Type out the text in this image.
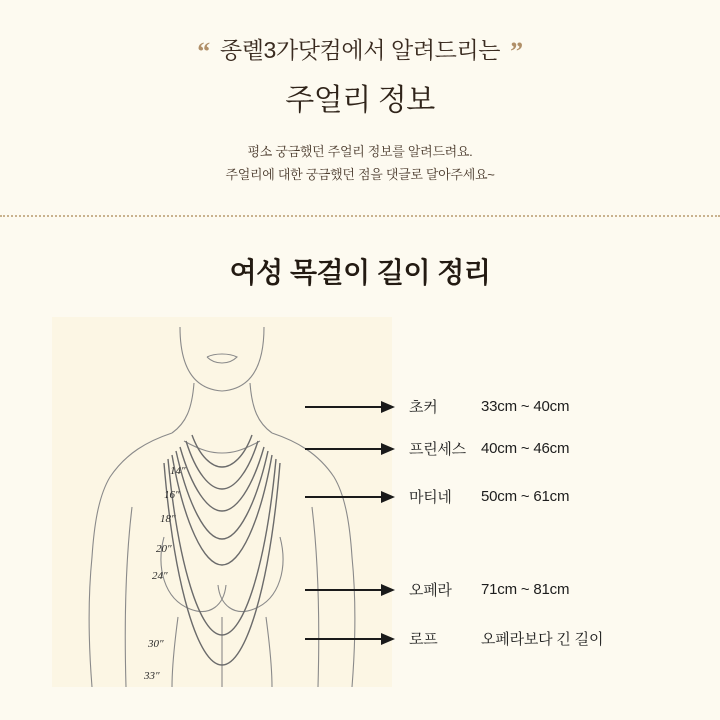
“ 종롙3가닷컴에서 알려드리는 ”
주얼리 정보
평소 궁금했던 주얼리 정보를 알려드려요.
주얼리에 대한 궁금했던 점을 댓글로 달아주세요~
여성 목걸이 길이 정리
14″
16″
18″
20″
24″
30″
33″
초커	33cm ~ 40cm
프린세스	40cm ~ 46cm
마티네	50cm ~ 61cm
오페라	71cm ~ 81cm
로프	오페라보다 긴 길이
